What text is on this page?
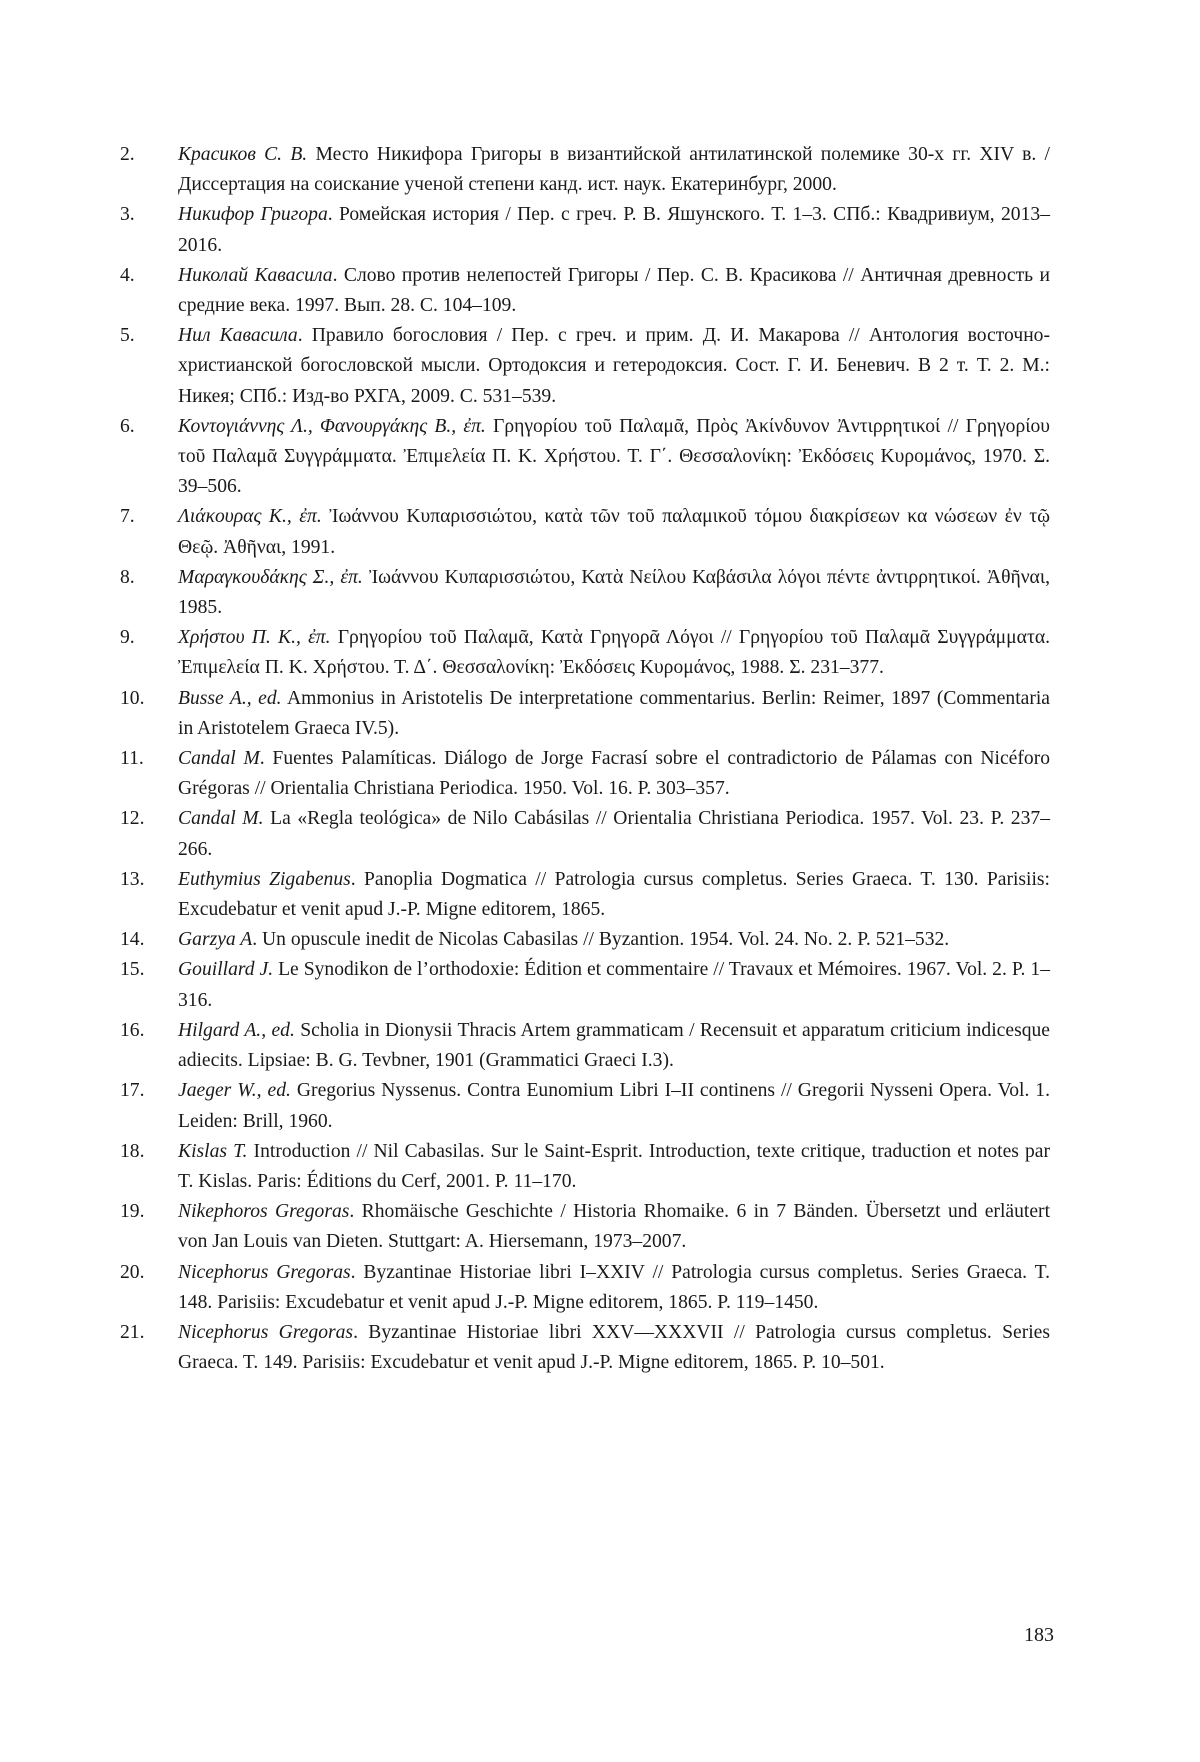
2.	Красиков С. В. Место Никифора Григоры в византийской антилатинской полемике 30-х гг. XIV в. / Диссертация на соискание ученой степени канд. ист. наук. Екатеринбург, 2000.
3.	Никифор Григора. Ромейская история / Пер. с греч. Р. В. Яшунского. Т. 1–3. СПб.: Квадривиум, 2013–2016.
4.	Николай Кавасила. Слово против нелепостей Григоры / Пер. С. В. Красикова // Античная древность и средние века. 1997. Вып. 28. С. 104–109.
5.	Нил Кавасила. Правило богословия / Пер. с греч. и прим. Д. И. Макарова // Антология восточно-христианской богословской мысли. Ортодоксия и гетеродоксия. Сост. Г. И. Беневич. В 2 т. Т. 2. М.: Никея; СПб.: Изд-во РХГА, 2009. С. 531–539.
6.	Κοντογιάννης Λ., Φανουργάκης Β., ἐπ. Γρηγορίου τοῦ Παλαμᾶ, Πρὸς Ἀκίνδυνον Ἀντιρρητικοί // Γρηγορίου τοῦ Παλαμᾶ Συγγράμματα. Ἐπιμελεία Π. Κ. Χρήστου. Τ. Γ΄. Θεσσαλονίκη: Ἐκδόσεις Κυρομάνος, 1970. Σ. 39–506.
7.	Λιάκουρας Κ., ἐπ. Ἰωάννου Κυπαρισσιώτου, κατὰ τῶν τοῦ παλαμικοῦ τόμου διακρίσεων κα νώσεων ἐν τῷ Θεῷ. Ἀθῆναι, 1991.
8.	Μαραγκουδάκης Σ., ἐπ. Ἰωάννου Κυπαρισσιώτου, Κατὰ Νείλου Καβάσιλα λόγοι πέντε ἀντιρρητικοί. Ἀθῆναι, 1985.
9.	Χρήστου Π. Κ., ἐπ. Γρηγορίου τοῦ Παλαμᾶ, Κατὰ Γρηγορᾶ Λόγοι // Γρηγορίου τοῦ Παλαμᾶ Συγγράμματα. Ἐπιμελεία Π. Κ. Χρήστου. Τ. Δ΄. Θεσσαλονίκη: Ἐκδόσεις Κυρομάνος, 1988. Σ. 231–377.
10.	Busse A., ed. Ammonius in Aristotelis De interpretatione commentarius. Berlin: Reimer, 1897 (Commentaria in Aristotelem Graeca IV.5).
11.	Candal M. Fuentes Palamíticas. Diálogo de Jorge Facrasí sobre el contradictorio de Pálamas con Nicéforo Grégoras // Orientalia Christiana Periodica. 1950. Vol. 16. P. 303–357.
12.	Candal M. La «Regla teológica» de Nilo Cabásilas // Orientalia Christiana Periodica. 1957. Vol. 23. P. 237–266.
13.	Euthymius Zigabenus. Panoplia Dogmatica // Patrologia cursus completus. Series Graeca. T. 130. Parisiis: Excudebatur et venit apud J.-P. Migne editorem, 1865.
14.	Garzya A. Un opuscule inedit de Nicolas Cabasilas // Byzantion. 1954. Vol. 24. No. 2. P. 521–532.
15.	Gouillard J. Le Synodikon de l’orthodoxie: Édition et commentaire // Travaux et Mémoires. 1967. Vol. 2. P. 1–316.
16.	Hilgard A., ed. Scholia in Dionysii Thracis Artem grammaticam / Recensuit et apparatum criticium indicesque adiecits. Lipsiae: B. G. Tevbner, 1901 (Grammatici Graeci I.3).
17.	Jaeger W., ed. Gregorius Nyssenus. Contra Eunomium Libri I–II continens // Gregorii Nysseni Opera. Vol. 1. Leiden: Brill, 1960.
18.	Kislas T. Introduction // Nil Cabasilas. Sur le Saint-Esprit. Introduction, texte critique, traduction et notes par T. Kislas. Paris: Éditions du Cerf, 2001. P. 11–170.
19.	Nikephoros Gregoras. Rhomäische Geschichte / Historia Rhomaike. 6 in 7 Bänden. Übersetzt und erläutert von Jan Louis van Dieten. Stuttgart: A. Hiersemann, 1973–2007.
20.	Nicephorus Gregoras. Byzantinae Historiae libri I–XXIV // Patrologia cursus completus. Series Graeca. T. 148. Parisiis: Excudebatur et venit apud J.-P. Migne editorem, 1865. P. 119–1450.
21.	Nicephorus Gregoras. Byzantinae Historiae libri XXV—XXXVII // Patrologia cursus completus. Series Graeca. T. 149. Parisiis: Excudebatur et venit apud J.-P. Migne editorem, 1865. P. 10–501.
183
